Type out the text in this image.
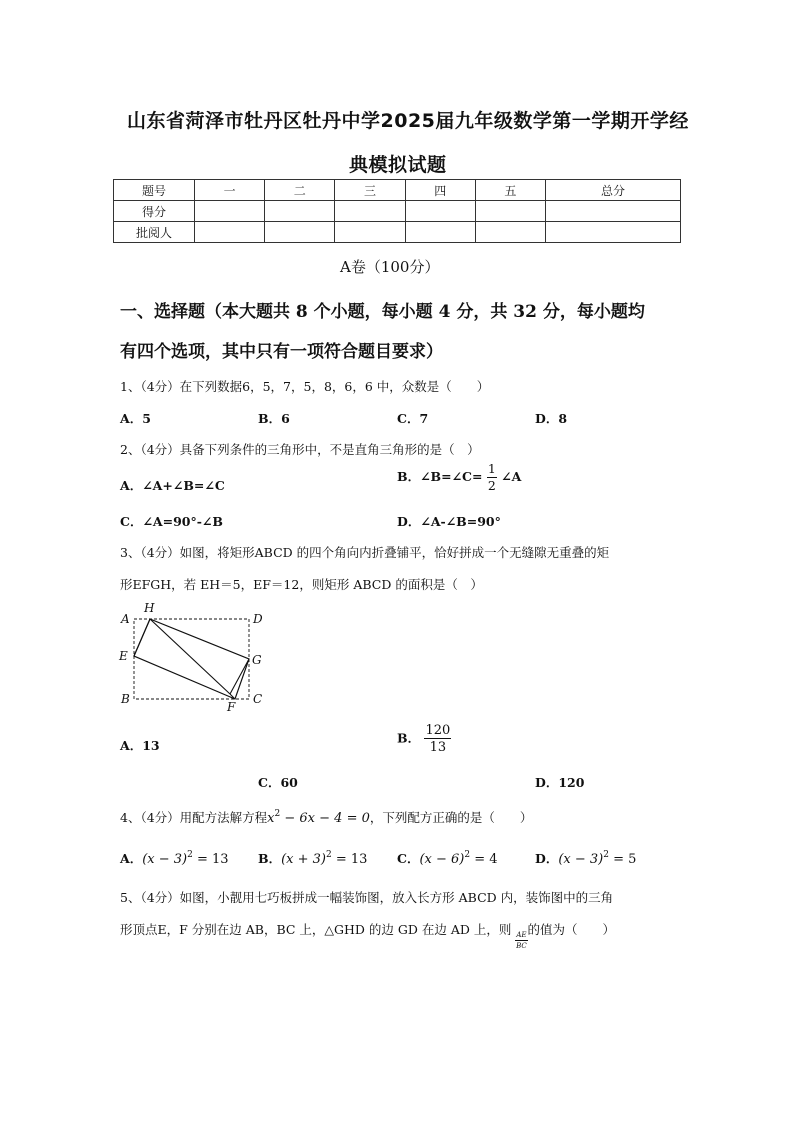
山东省菏泽市牡丹区牡丹中学2025届九年级数学第一学期开学经
典模拟试题
题号	一	二	三	四	五	总分
得分						
批阅人						
A卷（100分）
一、选择题（本大题共 8 个小题，每小题 4 分，共 32 分，每小题均
有四个选项，其中只有一项符合题目要求）
1、（4分）在下列数据6，5，7，5，8，6，6 中，众数是（　　）
A．5	B．6	C．7	D．8
2、（4分）具备下列条件的三角形中，不是直角三角形的是（　）
A．∠A+∠B=∠C
B．∠B=∠C= $\frac{1}{2}$ ∠A
C．∠A=90°-∠B	D．∠A-∠B=90°
3、（4分）如图，将矩形ABCD 的四个角向内折叠铺平，恰好拼成一个无缝隙无重叠的矩
形EFGH，若 EH＝5，EF＝12，则矩形 ABCD 的面积是（　）
A
H
D
E	G
B
F
C
A．13	B． $\frac{120}{13}$
C．60	D．120
4、（4分）用配方法解方程$x^2 - 6x - 4 = 0$，下列配方正确的是（　　）
A．$(x - 3)^2 = 13$ B．$(x + 3)^2 = 13$ C．$(x - 6)^2 = 4$	D．$(x - 3)^2 = 5$
5、（4分）如图，小靓用七巧板拼成一幅装饰图，放入长方形 ABCD 内，装饰图中的三角
形顶点E，F 分别在边 AB，BC 上，△GHD 的边 GD 在边 AD 上，则
$\frac{AE}{BC}$
的值为（　　）
